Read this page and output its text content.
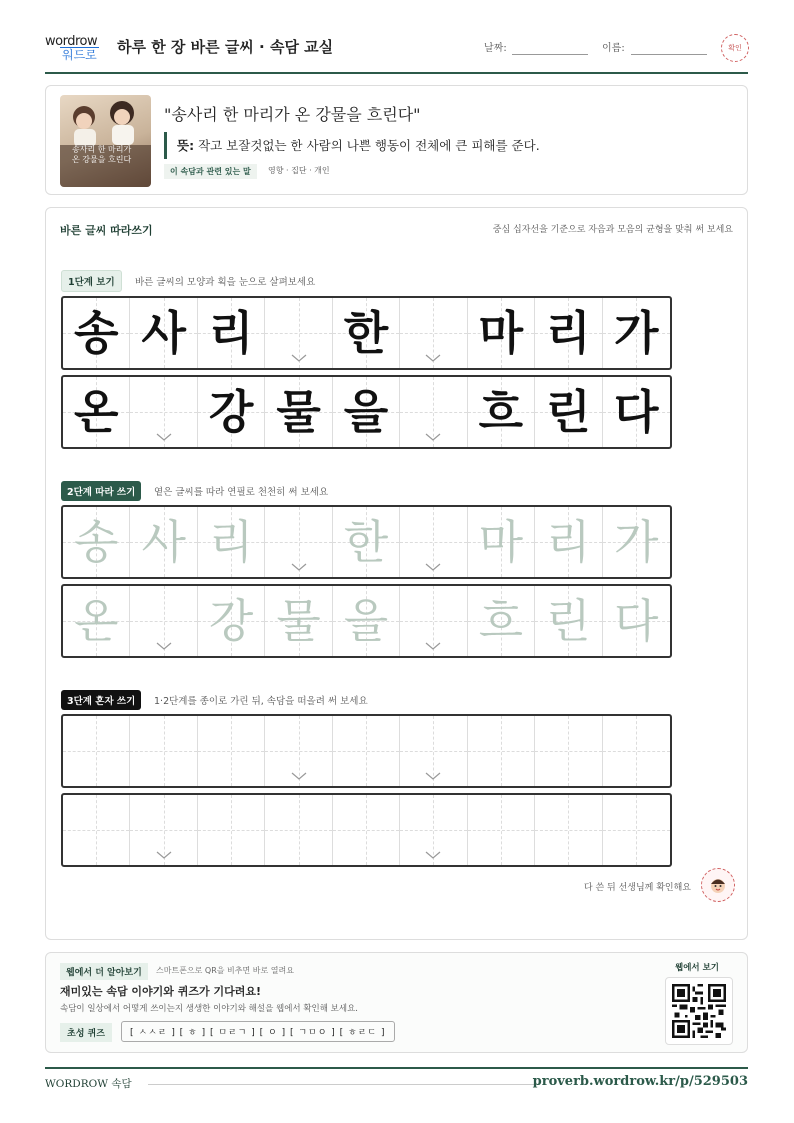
wordrow
워드로 하루 한 장 바른 글씨 · 속담 교실	날짜:	이름:	확인
송사리 한 마리가
온 강물을 흐린다
"송사리 한 마리가 온 강물을 흐린다"
뜻: 작고 보잘것없는 한 사람의 나쁜 행동이 전체에 큰 피해를 준다.
이 속담과 관련 있는 말	영향 · 집단 · 개인
바른 글씨 따라쓰기	중심 십자선을 기준으로 자음과 모음의 균형을 맞춰 써 보세요
1단계 보기	바른 글씨의 모양과 획을 눈으로 살펴보세요
송 사 리 한 마 리 가
온 강 물 을 흐 린 다
2단계 따라 쓰기	옅은 글씨를 따라 연필로 천천히 써 보세요
송 사 리 한 마 리 가
온 강 물 을 흐 린 다
3단계 혼자 쓰기	1·2단계를 종이로 가린 뒤, 속담을 떠올려 써 보세요
다 쓴 뒤 선생님께 확인해요
웹에서 더 알아보기	스마트폰으로 QR을 비추면 바로 열려요
재미있는 속담 이야기와 퀴즈가 기다려요!
속담이 일상에서 어떻게 쓰이는지 생생한 이야기와 해설을 웹에서 확인해 보세요.
초성 퀴즈	[ ㅅㅅㄹ ] [ ㅎ ] [ ㅁㄹㄱ ] [ ㅇ ] [ ㄱㅁㅇ ] [ ㅎㄹㄷ ]
웹에서 보기
WORDROW 속담	proverb.wordrow.kr/p/529503
